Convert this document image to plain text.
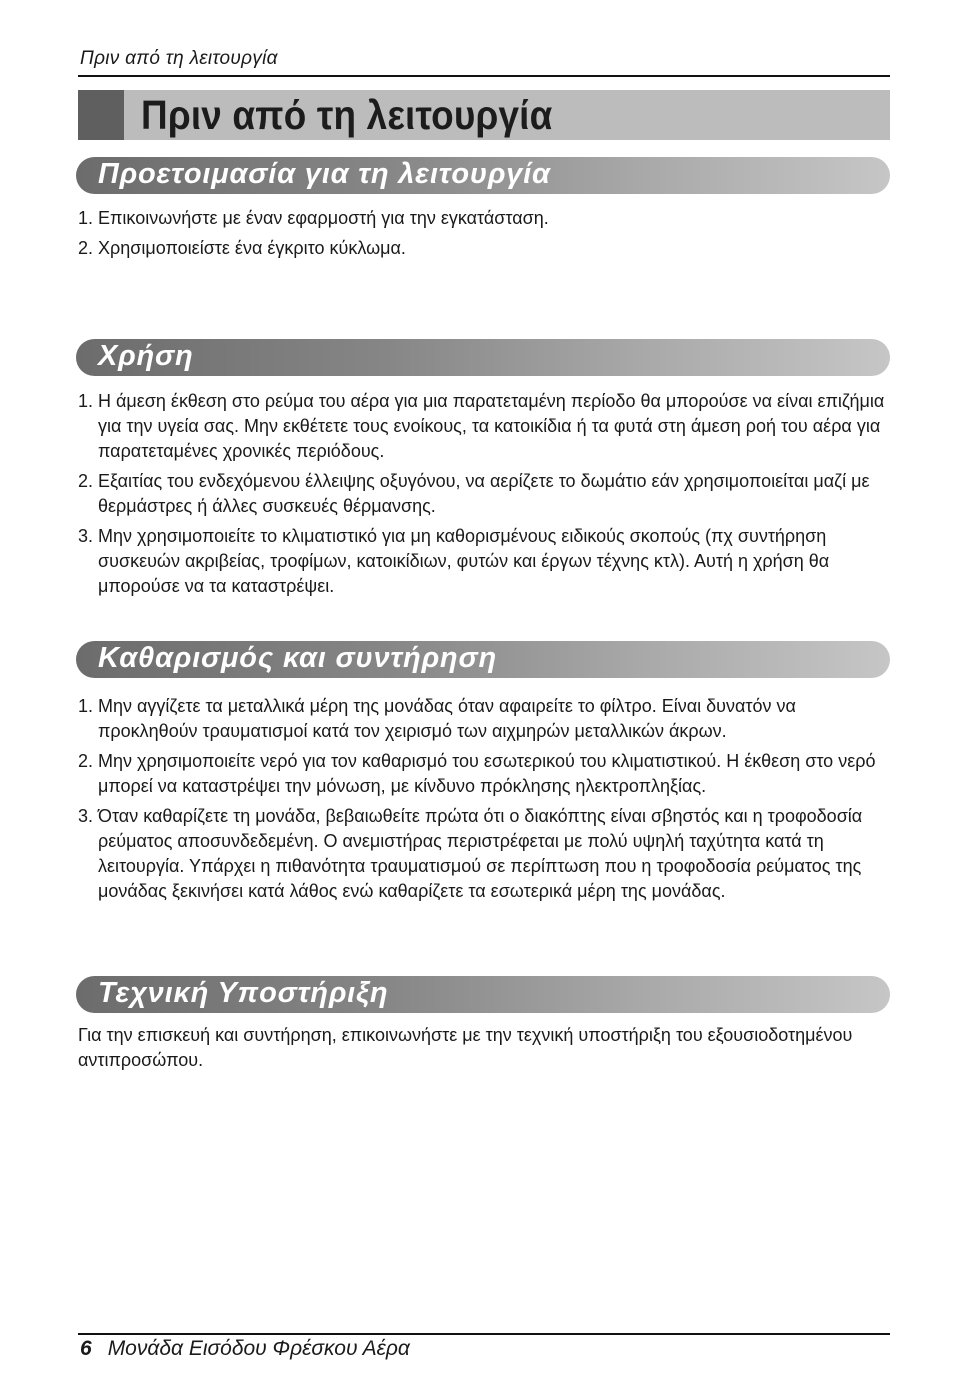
Πριν από τη λειτουργία
Πριν από τη λειτουργία
Προετοιμασία για τη λειτουργία
1. Επικοινωνήστε με έναν εφαρμοστή για την εγκατάσταση.
2. Χρησιμοποιείστε ένα έγκριτο κύκλωμα.
Χρήση
1. Η άμεση έκθεση στο ρεύμα του αέρα για μια παρατεταμένη περίοδο θα μπορούσε να είναι επιζήμια για την υγεία σας. Μην εκθέτετε τους ενοίκους, τα κατοικίδια ή τα φυτά στη άμεση ροή του αέρα για παρατεταμένες χρονικές περιόδους.
2. Εξαιτίας του ενδεχόμενου έλλειψης οξυγόνου, να αερίζετε το δωμάτιο εάν χρησιμοποιείται μαζί με θερμάστρες ή άλλες συσκευές θέρμανσης.
3. Μην χρησιμοποιείτε το κλιματιστικό για μη καθορισμένους ειδικούς σκοπούς (πχ συντήρηση συσκευών ακριβείας, τροφίμων, κατοικίδιων, φυτών και έργων τέχνης κτλ). Αυτή η χρήση θα μπορούσε να τα καταστρέψει.
Καθαρισμός και συντήρηση
1. Μην αγγίζετε τα μεταλλικά μέρη της μονάδας όταν αφαιρείτε το φίλτρο. Είναι δυνατόν να προκληθούν τραυματισμοί κατά τον χειρισμό των αιχμηρών μεταλλικών άκρων.
2. Μην χρησιμοποιείτε νερό για τον καθαρισμό του εσωτερικού του κλιματιστικού. Η έκθεση στο νερό μπορεί να καταστρέψει την μόνωση, με κίνδυνο πρόκλησης ηλεκτροπληξίας.
3. Όταν καθαρίζετε τη μονάδα, βεβαιωθείτε πρώτα ότι ο διακόπτης είναι σβηστός και η τροφοδοσία ρεύματος αποσυνδεδεμένη. Ο ανεμιστήρας περιστρέφεται με πολύ υψηλή ταχύτητα κατά τη λειτουργία. Υπάρχει η πιθανότητα τραυματισμού σε περίπτωση που η τροφοδοσία ρεύματος της μονάδας ξεκινήσει κατά λάθος ενώ καθαρίζετε τα εσωτερικά μέρη της μονάδας.
Τεχνική Υποστήριξη
Για την επισκευή και συντήρηση, επικοινωνήστε με την τεχνική υποστήριξη του εξουσιοδοτημένου αντιπροσώπου.
6 Μονάδα Εισόδου Φρέσκου Αέρα
